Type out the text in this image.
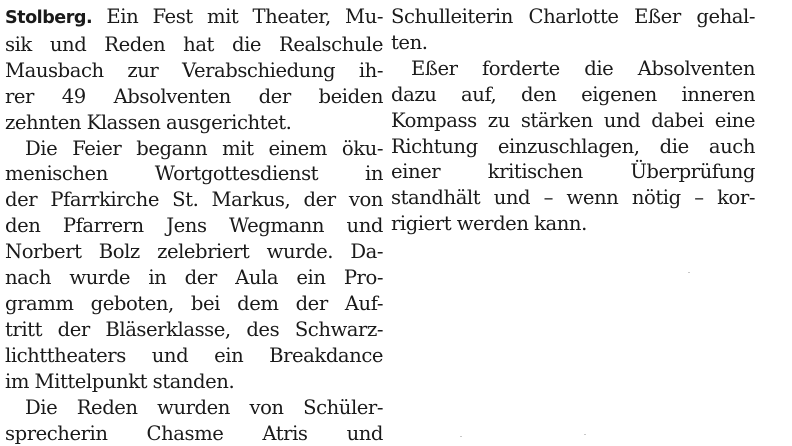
Stolberg. Ein Fest mit Theater, Mu-
sik und Reden hat die Realschule
Mausbach zur Verabschiedung ih-
rer 49 Absolventen der beiden
zehnten Klassen ausgerichtet.
Die Feier begann mit einem öku-
menischen Wortgottesdienst in
der Pfarrkirche St. Markus, der von
den Pfarrern Jens Wegmann und
Norbert Bolz zelebriert wurde. Da-
nach wurde in der Aula ein Pro-
gramm geboten, bei dem der Auf-
tritt der Bläserklasse, des Schwarz-
lichttheaters und ein Breakdance
im Mittelpunkt standen.
Die Reden wurden von Schüler-
sprecherin Chasme Atris und
Schulleiterin Charlotte Eßer gehal-
ten.
Eßer forderte die Absolventen
dazu auf, den eigenen inneren
Kompass zu stärken und dabei eine
Richtung einzuschlagen, die auch
einer kritischen Überprüfung
standhält und – wenn nötig – kor-
rigiert werden kann.
